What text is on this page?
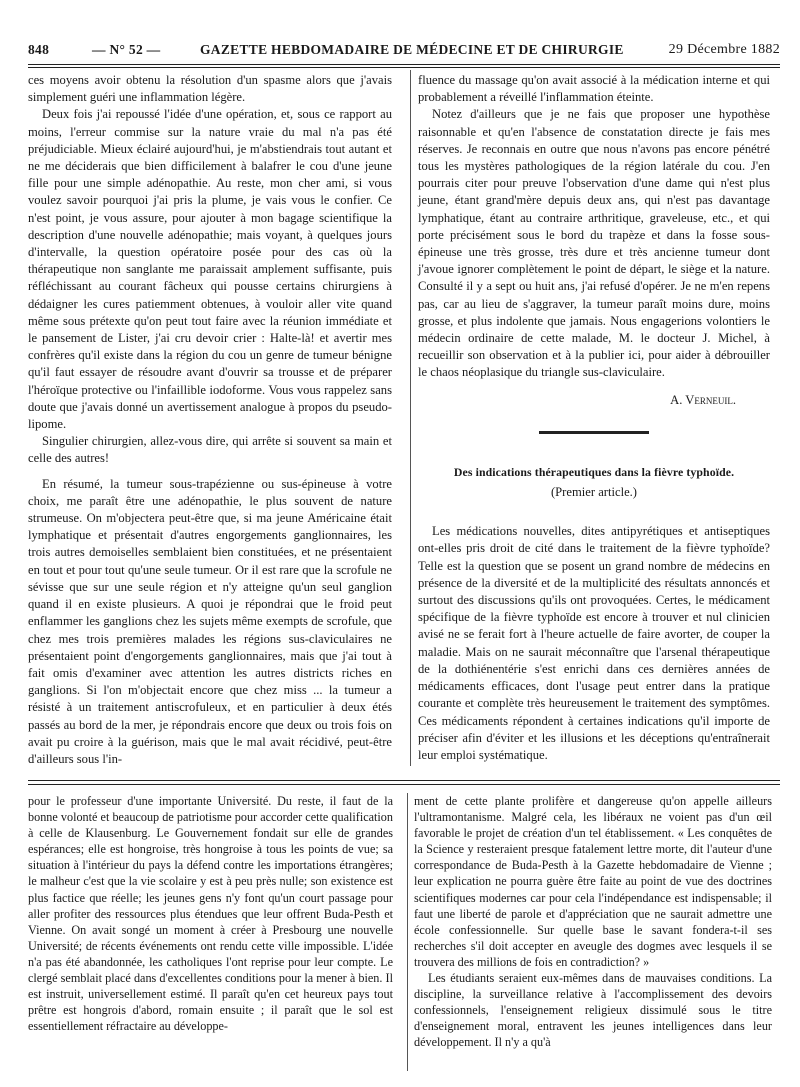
848	— N° 52 —	GAZETTE HEBDOMADAIRE DE MÉDECINE ET DE CHIRURGIE	29 Décembre 1882

ces moyens avoir obtenu la résolution d'un spasme alors que j'avais simplement guéri une inflammation légère.

Deux fois j'ai repoussé l'idée d'une opération, et, sous ce rapport au moins, l'erreur commise sur la nature vraie du mal n'a pas été préjudiciable. Mieux éclairé aujourd'hui, je m'abstiendrais tout autant et ne me déciderais que bien difficilement à balafrer le cou d'une jeune fille pour une simple adénopathie. Au reste, mon cher ami, si vous voulez savoir pourquoi j'ai pris la plume, je vais vous le confier. Ce n'est point, je vous assure, pour ajouter à mon bagage scientifique la description d'une nouvelle adénopathie; mais voyant, à quelques jours d'intervalle, la question opératoire posée pour des cas où la thérapeutique non sanglante me paraissait amplement suffisante, puis réfléchissant au courant fâcheux qui pousse certains chirurgiens à dédaigner les cures patiemment obtenues, à vouloir aller vite quand même sous prétexte qu'on peut tout faire avec la réunion immédiate et le pansement de Lister, j'ai cru devoir crier : Halte-là! et avertir mes confrères qu'il existe dans la région du cou un genre de tumeur bénigne qu'il faut essayer de résoudre avant d'ouvrir sa trousse et de préparer l'héroïque protective ou l'infaillible iodoforme. Vous vous rappelez sans doute que j'avais donné un avertissement analogue à propos du pseudo-lipome.

Singulier chirurgien, allez-vous dire, qui arrête si souvent sa main et celle des autres!

En résumé, la tumeur sous-trapézienne ou sus-épineuse à votre choix, me paraît être une adénopathie, le plus souvent de nature strumeuse. On m'objectera peut-être que, si ma jeune Américaine était lymphatique et présentait d'autres engorgements ganglionnaires, les trois autres demoiselles semblaient bien constituées, et ne présentaient en tout et pour tout qu'une seule tumeur. Or il est rare que la scrofule ne sévisse que sur une seule région et n'y atteigne qu'un seul ganglion quand il en existe plusieurs. A quoi je répondrai que le froid peut enflammer les ganglions chez les sujets même exempts de scrofule, que chez mes trois premières malades les régions sus-claviculaires ne présentaient point d'engorgements ganglionnaires, mais que j'ai tout à fait omis d'examiner avec attention les autres districts riches en ganglions. Si l'on m'objectait encore que chez miss ... la tumeur a résisté à un traitement antiscrofuleux, et en particulier à deux étés passés au bord de la mer, je répondrais encore que deux ou trois fois on avait pu croire à la guérison, mais que le mal avait récidivé, peut-être d'ailleurs sous l'in-

fluence du massage qu'on avait associé à la médication interne et qui probablement a réveillé l'inflammation éteinte.

Notez d'ailleurs que je ne fais que proposer une hypothèse raisonnable et qu'en l'absence de constatation directe je fais mes réserves. Je reconnais en outre que nous n'avons pas encore pénétré tous les mystères pathologiques de la région latérale du cou. J'en pourrais citer pour preuve l'observation d'une dame qui n'est plus jeune, étant grand'mère depuis deux ans, qui n'est pas davantage lymphatique, étant au contraire arthritique, graveleuse, etc., et qui porte précisément sous le bord du trapèze et dans la fosse sous-épineuse une très grosse, très dure et très ancienne tumeur dont j'avoue ignorer complètement le point de départ, le siège et la nature. Consulté il y a sept ou huit ans, j'ai refusé d'opérer. Je ne m'en repens pas, car au lieu de s'aggraver, la tumeur paraît moins dure, moins grosse, et plus indolente que jamais. Nous engagerions volontiers le médecin ordinaire de cette malade, M. le docteur J. Michel, à recueillir son observation et à la publier ici, pour aider à débrouiller le chaos néoplasique du triangle sus-claviculaire.

A. Verneuil.

Des indications thérapeutiques dans la fièvre typhoïde.

(Premier article.)

Les médications nouvelles, dites antipyrétiques et antiseptiques ont-elles pris droit de cité dans le traitement de la fièvre typhoïde? Telle est la question que se posent un grand nombre de médecins en présence de la diversité et de la multiplicité des résultats annoncés et surtout des discussions qu'ils ont provoquées. Certes, le médicament spécifique de la fièvre typhoïde est encore à trouver et nul clinicien avisé ne se ferait fort à l'heure actuelle de faire avorter, de couper la maladie. Mais on ne saurait méconnaître que l'arsenal thérapeutique de la dothiénentérie s'est enrichi dans ces dernières années de médicaments efficaces, dont l'usage peut entrer dans la pratique courante et complète très heureusement le traitement des symptômes. Ces médicaments répondent à certaines indications qu'il importe de préciser afin d'éviter et les illusions et les déceptions qu'entraînerait leur emploi systématique.

pour le professeur d'une importante Université. Du reste, il faut de la bonne volonté et beaucoup de patriotisme pour accorder cette qualification à celle de Klausenburg. Le Gouvernement fondait sur elle de grandes espérances; elle est hongroise, très hongroise à tous les points de vue; sa situation à l'intérieur du pays la défend contre les importations étrangères; le malheur c'est que la vie scolaire y est à peu près nulle; son existence est plus factice que réelle; les jeunes gens n'y font qu'un court passage pour aller profiter des ressources plus étendues que leur offrent Buda-Pesth et Vienne. On avait songé un moment à créer à Presbourg une nouvelle Université; de récents événements ont rendu cette ville impossible. L'idée n'a pas été abandonnée, les catholiques l'ont reprise pour leur compte. Le clergé semblait placé dans d'excellentes conditions pour la mener à bien. Il est instruit, universellement estimé. Il paraît qu'en cet heureux pays tout prêtre est hongrois d'abord, romain ensuite ; il paraît que le sol est essentiellement réfractaire au développe-

ment de cette plante prolifère et dangereuse qu'on appelle ailleurs l'ultramontanisme. Malgré cela, les libéraux ne voient pas d'un œil favorable le projet de création d'un tel établissement. « Les conquêtes de la Science y resteraient presque fatalement lettre morte, dit l'auteur d'une correspondance de Buda-Pesth à la Gazette hebdomadaire de Vienne ; leur explication ne pourra guère être faite au point de vue des doctrines scientifiques modernes car pour cela l'indépendance est indispensable; il faut une liberté de parole et d'appréciation que ne saurait admettre une école confessionnelle. Sur quelle base le savant fondera-t-il ses recherches s'il doit accepter en aveugle des dogmes avec lesquels il se trouvera des millions de fois en contradiction? »

Les étudiants seraient eux-mêmes dans de mauvaises conditions. La discipline, la surveillance relative à l'accomplissement des devoirs confessionnels, l'enseignement religieux dissimulé sous le titre d'enseignement moral, entravent les jeunes intelligences dans leur développement. Il n'y a qu'à
